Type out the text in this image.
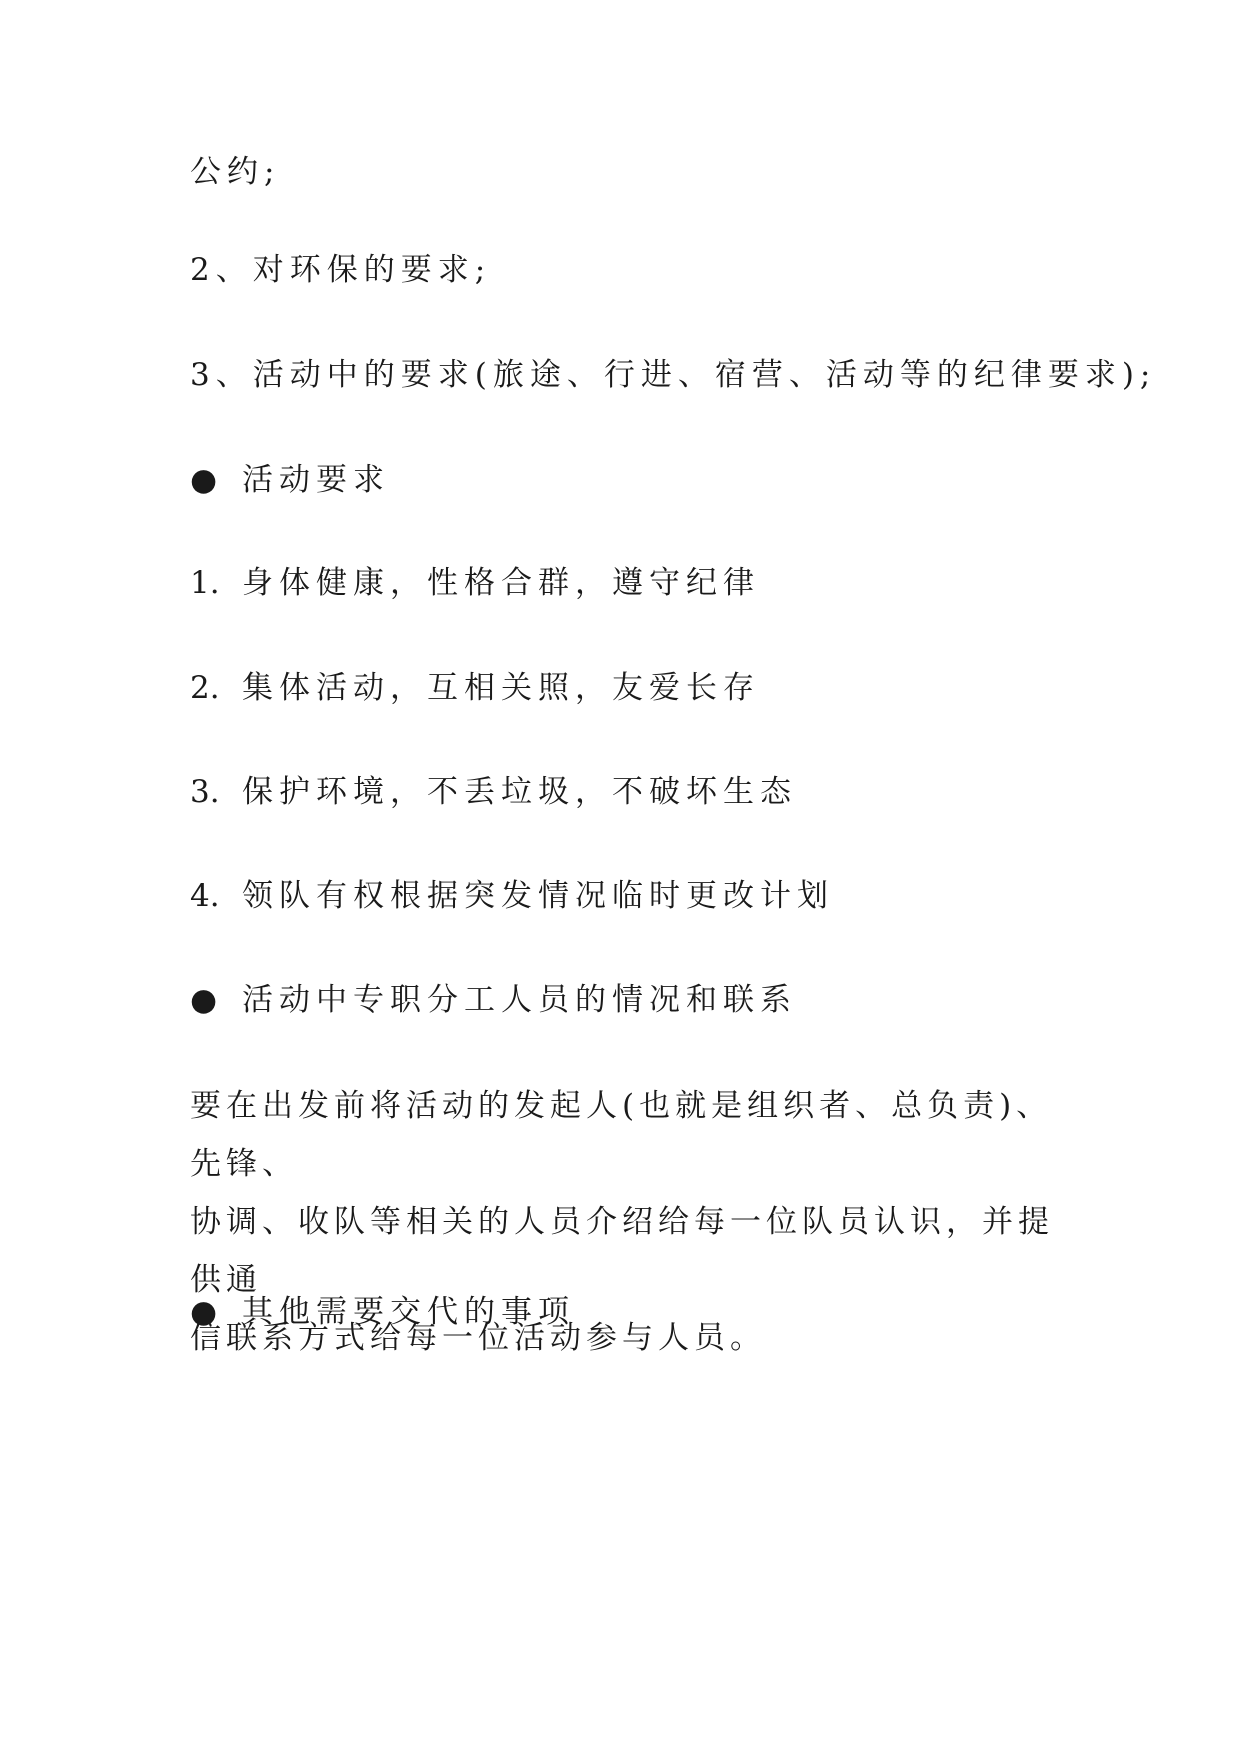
公约;

2、对环保的要求;

3、活动中的要求(旅途、行进、宿营、活动等的纪律要求);

● 活动要求

1. 身体健康，性格合群，遵守纪律

2. 集体活动，互相关照，友爱长存

3. 保护环境，不丢垃圾，不破坏生态

4. 领队有权根据突发情况临时更改计划

● 活动中专职分工人员的情况和联系

要在出发前将活动的发起人(也就是组织者、总负责)、先锋、
协调、收队等相关的人员介绍给每一位队员认识，并提供通
信联系方式给每一位活动参与人员。

● 其他需要交代的事项
